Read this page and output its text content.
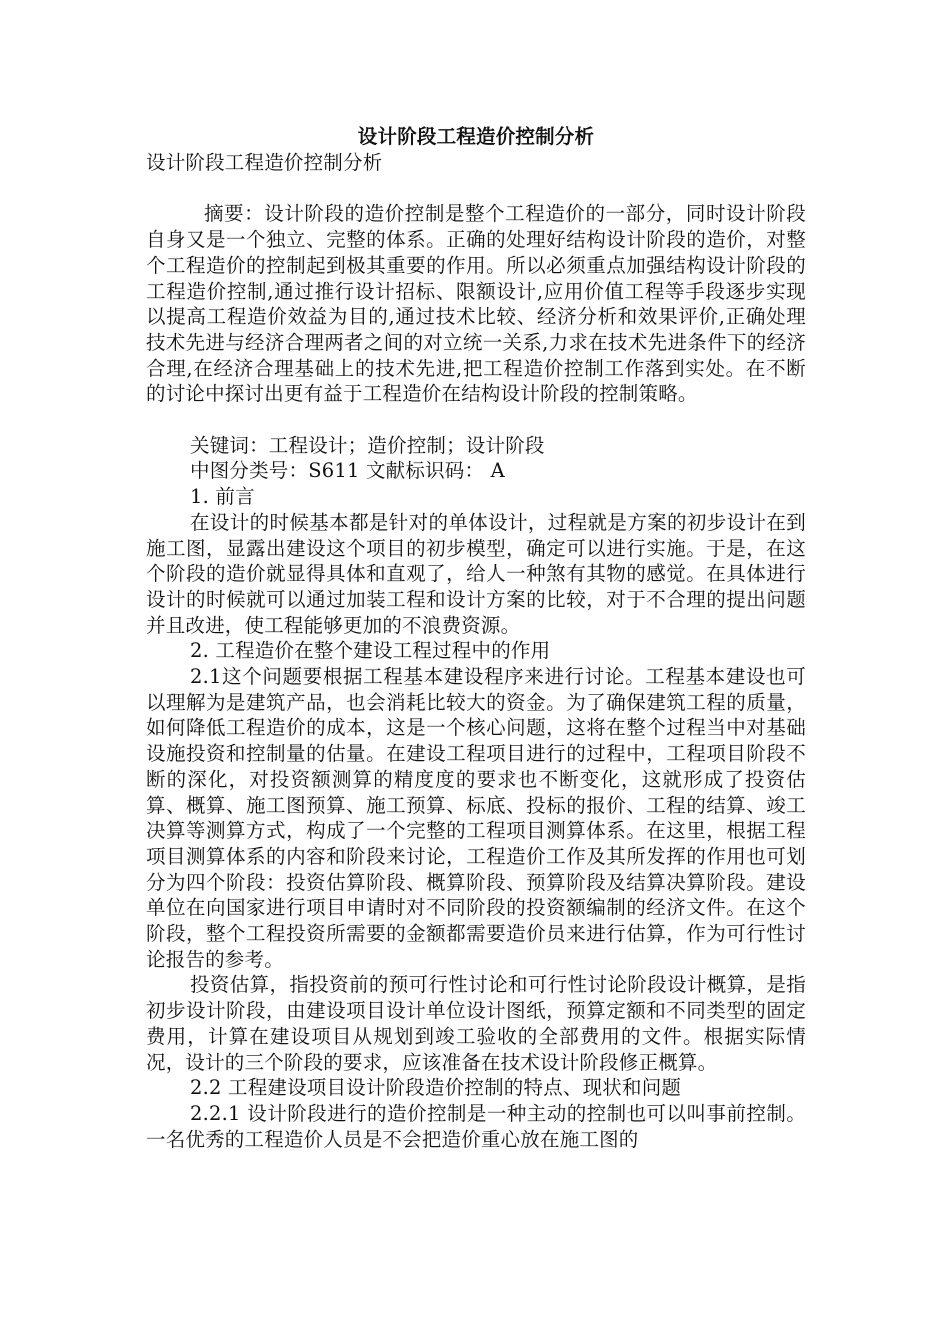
设计阶段工程造价控制分析

设计阶段工程造价控制分析

摘要：设计阶段的造价控制是整个工程造价的一部分，同时设计阶段自身又是一个独立、完整的体系。正确的处理好结构设计阶段的造价，对整个工程造价的控制起到极其重要的作用。所以必须重点加强结构设计阶段的工程造价控制,通过推行设计招标、限额设计,应用价值工程等手段逐步实现以提高工程造价效益为目的,通过技术比较、经济分析和效果评价,正确处理技术先进与经济合理两者之间的对立统一关系,力求在技术先进条件下的经济合理,在经济合理基础上的技术先进,把工程造价控制工作落到实处。在不断的讨论中探讨出更有益于工程造价在结构设计阶段的控制策略。

关键词：工程设计；造价控制；设计阶段

中图分类号：S611 文献标识码： A

1. 前言

在设计的时候基本都是针对的单体设计，过程就是方案的初步设计在到施工图，显露出建设这个项目的初步模型，确定可以进行实施。于是，在这个阶段的造价就显得具体和直观了，给人一种煞有其物的感觉。在具体进行设计的时候就可以通过加装工程和设计方案的比较，对于不合理的提出问题并且改进，使工程能够更加的不浪费资源。

2. 工程造价在整个建设工程过程中的作用

2.1这个问题要根据工程基本建设程序来进行讨论。工程基本建设也可以理解为是建筑产品，也会消耗比较大的资金。为了确保建筑工程的质量，如何降低工程造价的成本，这是一个核心问题，这将在整个过程当中对基础设施投资和控制量的估量。在建设工程项目进行的过程中，工程项目阶段不断的深化，对投资额测算的精度度的要求也不断变化，这就形成了投资估算、概算、施工图预算、施工预算、标底、投标的报价、工程的结算、竣工决算等测算方式，构成了一个完整的工程项目测算体系。在这里，根据工程项目测算体系的内容和阶段来讨论，工程造价工作及其所发挥的作用也可划分为四个阶段：投资估算阶段、概算阶段、预算阶段及结算决算阶段。建设单位在向国家进行项目申请时对不同阶段的投资额编制的经济文件。在这个阶段，整个工程投资所需要的金额都需要造价员来进行估算，作为可行性讨论报告的参考。

投资估算，指投资前的预可行性讨论和可行性讨论阶段设计概算，是指初步设计阶段，由建设项目设计单位设计图纸，预算定额和不同类型的固定费用，计算在建设项目从规划到竣工验收的全部费用的文件。根据实际情况，设计的三个阶段的要求，应该准备在技术设计阶段修正概算。

2.2 工程建设项目设计阶段造价控制的特点、现状和问题

2.2.1 设计阶段进行的造价控制是一种主动的控制也可以叫事前控制。一名优秀的工程造价人员是不会把造价重心放在施工图的
